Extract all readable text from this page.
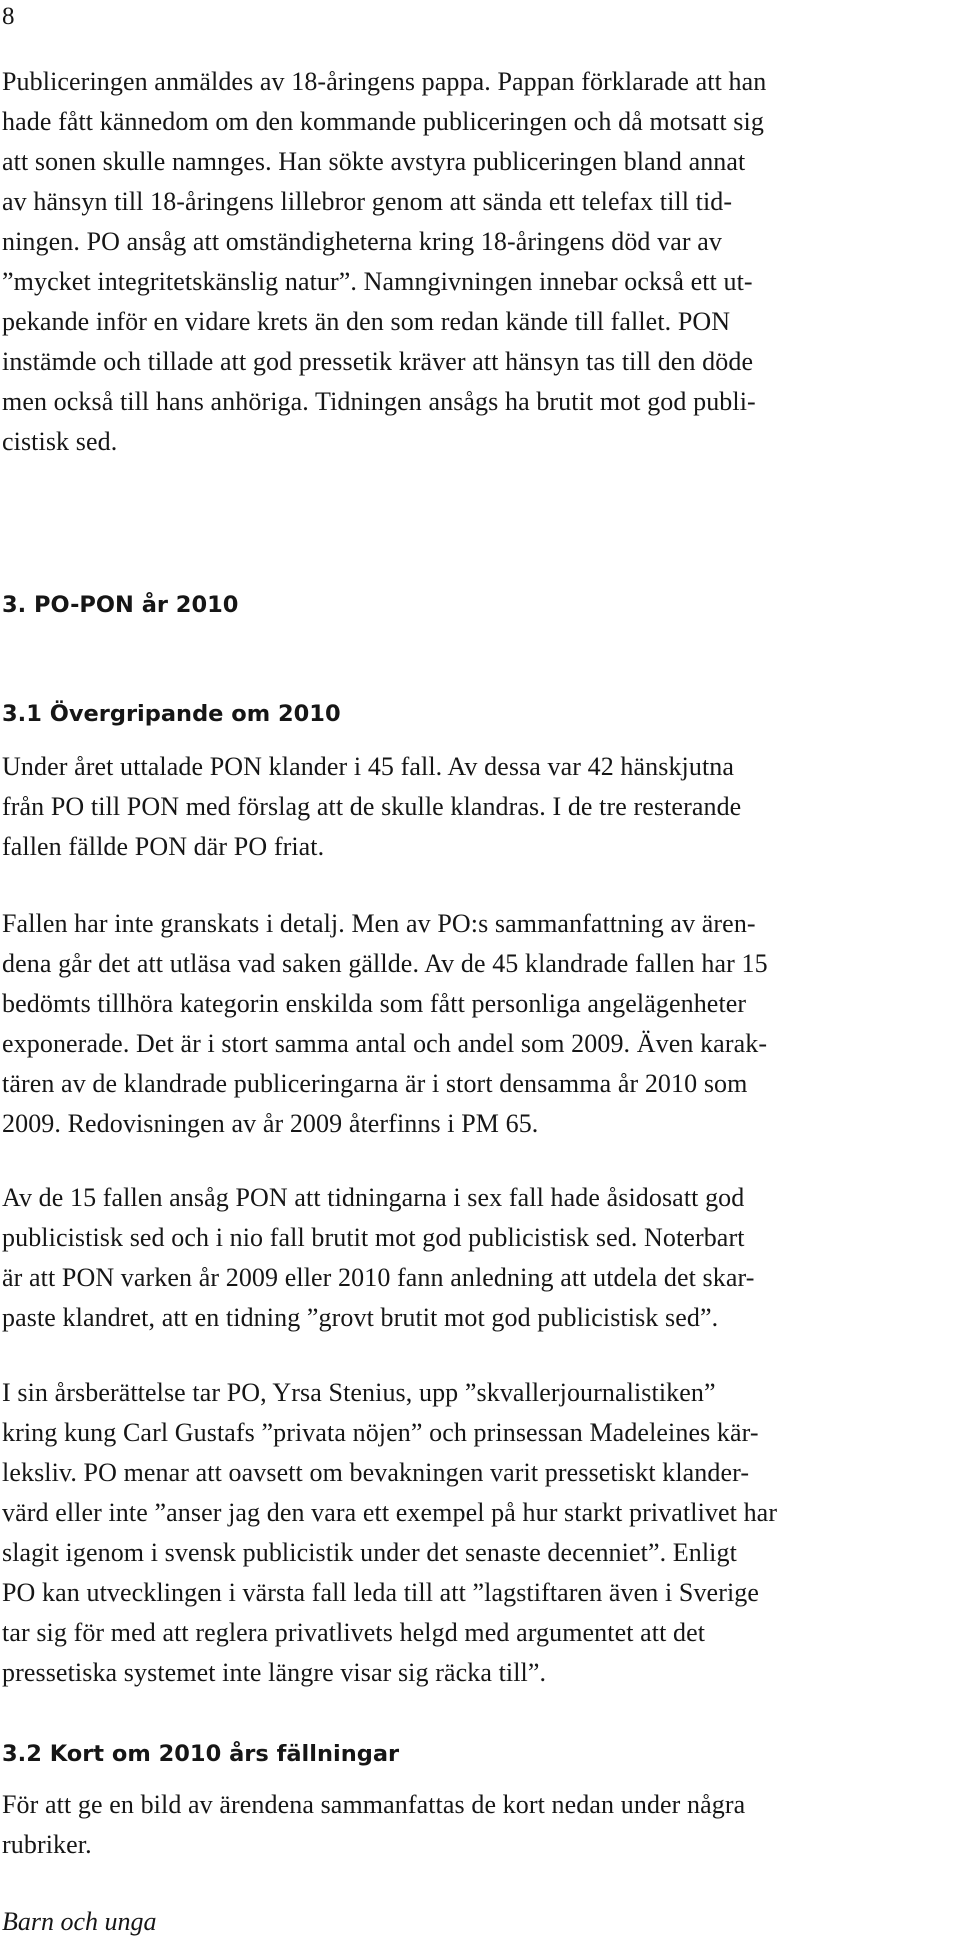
8

Publiceringen anmäldes av 18-åringens pappa. Pappan förklarade att han
hade fått kännedom om den kommande publiceringen och då motsatt sig
att sonen skulle namnges. Han sökte avstyra publiceringen bland annat
av hänsyn till 18-åringens lillebror genom att sända ett telefax till tid-
ningen. PO ansåg att omständigheterna kring 18-åringens död var av
”mycket integritetskänslig natur”. Namngivningen innebar också ett ut-
pekande inför en vidare krets än den som redan kände till fallet. PON
instämde och tillade att god pressetik kräver att hänsyn tas till den döde
men också till hans anhöriga. Tidningen ansågs ha brutit mot god publi-
cistisk sed.

3. PO-PON år 2010
3.1 Övergripande om 2010

Under året uttalade PON klander i 45 fall. Av dessa var 42 hänskjutna
från PO till PON med förslag att de skulle klandras. I de tre resterande
fallen fällde PON där PO friat.

Fallen har inte granskats i detalj. Men av PO:s sammanfattning av ären-
dena går det att utläsa vad saken gällde. Av de 45 klandrade fallen har 15
bedömts tillhöra kategorin enskilda som fått personliga angelägenheter
exponerade. Det är i stort samma antal och andel som 2009. Även karak-
tären av de klandrade publiceringarna är i stort densamma år 2010 som
2009. Redovisningen av år 2009 återfinns i PM 65.

Av de 15 fallen ansåg PON att tidningarna i sex fall hade åsidosatt god
publicistisk sed och i nio fall brutit mot god publicistisk sed. Noterbart
är att PON varken år 2009 eller 2010 fann anledning att utdela det skar-
paste klandret, att en tidning ”grovt brutit mot god publicistisk sed”.

I sin årsberättelse tar PO, Yrsa Stenius, upp ”skvallerjournalistiken”
kring kung Carl Gustafs ”privata nöjen” och prinsessan Madeleines kär-
leksliv. PO menar att oavsett om bevakningen varit pressetiskt klander-
värd eller inte ”anser jag den vara ett exempel på hur starkt privatlivet har
slagit igenom i svensk publicistik under det senaste decenniet”. Enligt
PO kan utvecklingen i värsta fall leda till att ”lagstiftaren även i Sverige
tar sig för med att reglera privatlivets helgd med argumentet att det
pressetiska systemet inte längre visar sig räcka till”.

3.2 Kort om 2010 års fällningar

För att ge en bild av ärendena sammanfattas de kort nedan under några
rubriker.

Barn och unga
